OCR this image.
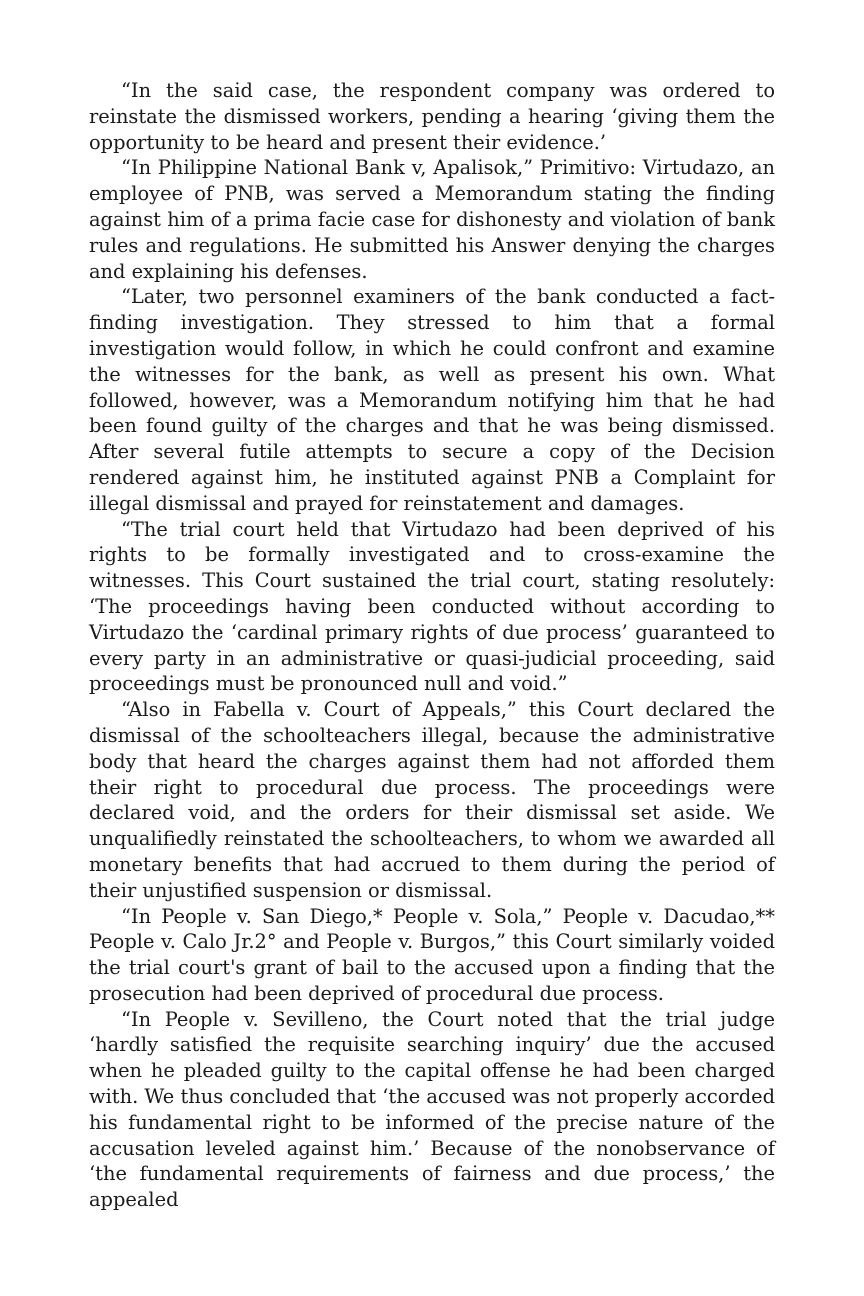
“In the said case, the respondent company was ordered to reinstate the dismissed workers, pending a hearing ‘giving them the opportunity to be heard and present their evidence.’

“In Philippine National Bank v, Apalisok,” Primitivo: Virtudazo, an employee of PNB, was served a Memorandum stating the finding against him of a prima facie case for dishonesty and violation of bank rules and regulations. He submitted his Answer denying the charges and explaining his defenses.

“Later, two personnel examiners of the bank conducted a fact-finding investigation. They stressed to him that a formal investigation would follow, in which he could confront and examine the witnesses for the bank, as well as present his own. What followed, however, was a Memorandum notifying him that he had been found guilty of the charges and that he was being dismissed. After several futile attempts to secure a copy of the Decision rendered against him, he instituted against PNB a Complaint for illegal dismissal and prayed for reinstatement and damages.

“The trial court held that Virtudazo had been deprived of his rights to be formally investigated and to cross-examine the witnesses. This Court sustained the trial court, stating resolutely: ‘The proceedings having been conducted without according to Virtudazo the ‘cardinal primary rights of due process’ guaranteed to every party in an administrative or quasi-judicial proceeding, said proceedings must be pronounced null and void.”

“Also in Fabella v. Court of Appeals,” this Court declared the dismissal of the schoolteachers illegal, because the administrative body that heard the charges against them had not afforded them their right to procedural due process. The proceedings were declared void, and the orders for their dismissal set aside. We unqualifiedly reinstated the schoolteachers, to whom we awarded all monetary benefits that had accrued to them during the period of their unjustified suspension or dismissal.

“In People v. San Diego,* People v. Sola,” People v. Dacudao,** People v. Calo Jr.2° and People v. Burgos,” this Court similarly voided the trial court's grant of bail to the accused upon a finding that the prosecution had been deprived of procedural due process.

“In People v. Sevilleno, the Court noted that the trial judge ‘hardly satisfied the requisite searching inquiry’ due the accused when he pleaded guilty to the capital offense he had been charged with. We thus concluded that ‘the accused was not properly accorded his fundamental right to be informed of the precise nature of the accusation leveled against him.’ Because of the nonobservance of ‘the fundamental requirements of fairness and due process,’ the appealed
